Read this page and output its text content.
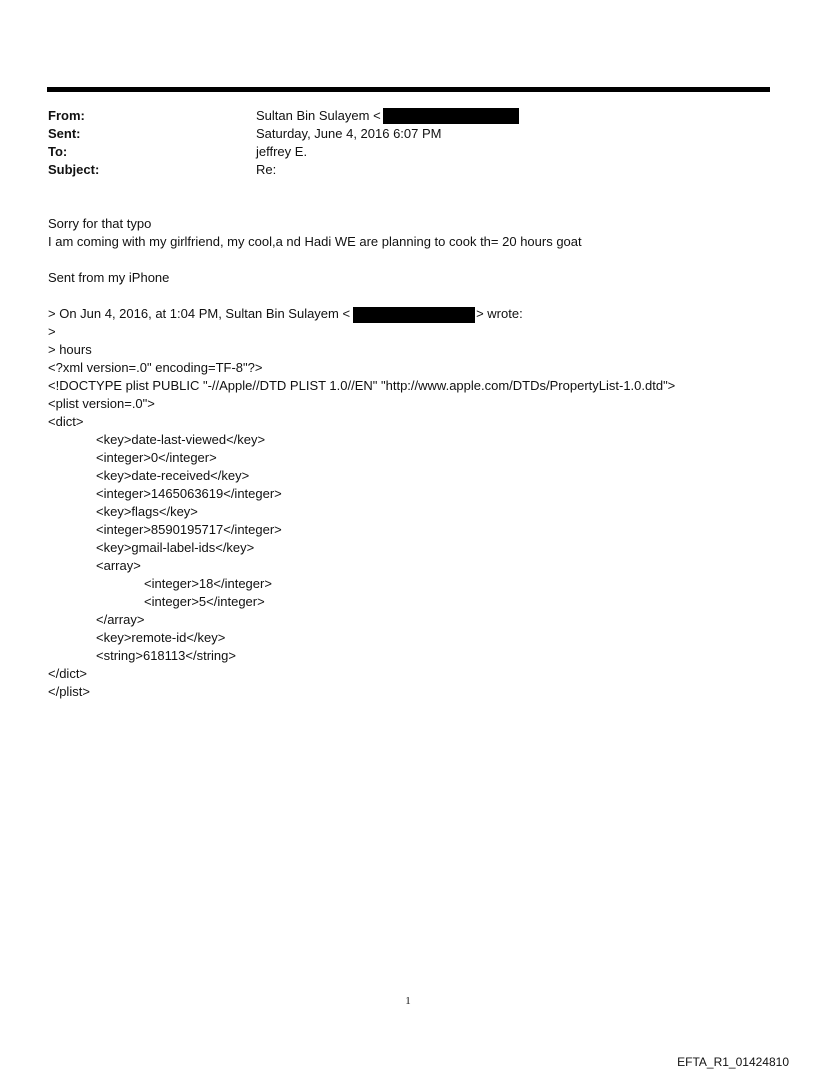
From:	Sultan Bin Sulayem <
Sent:	Saturday, June 4, 2016 6:07 PM
To:	jeffrey E.
Subject:	Re:
Sorry for that typo
I am coming with my girlfriend, my cool,a nd Hadi WE are planning to cook th= 20 hours goat
Sent from my iPhone
> On Jun 4, 2016, at 1:04 PM, Sultan Bin Sulayem <	> wrote:
>
> hours
<?xml version=.0" encoding=TF-8"?>
<!DOCTYPE plist PUBLIC "-//Apple//DTD PLIST 1.0//EN" "http://www.apple.com/DTDs/PropertyList-1.0.dtd">
<plist version=.0">
<dict>
<key>date-last-viewed</key>
<integer>0</integer>
<key>date-received</key>
<integer>1465063619</integer>
<key>flags</key>
<integer>8590195717</integer>
<key>gmail-label-ids</key>
<array>
<integer>18</integer>
<integer>5</integer>
</array>
<key>remote-id</key>
<string>618113</string>
</dict>
</plist>
1
EFTA_R1_01424810
